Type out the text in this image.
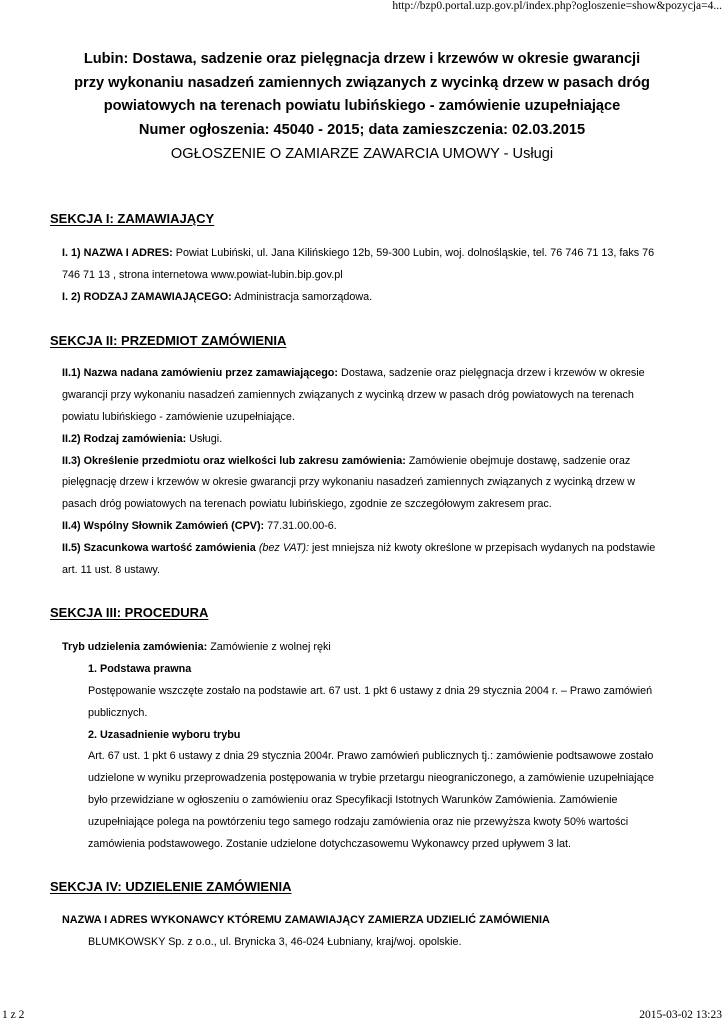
http://bzp0.portal.uzp.gov.pl/index.php?ogloszenie=show&pozycja=4...
Lubin: Dostawa, sadzenie oraz pielęgnacja drzew i krzewów w okresie gwarancji
przy wykonaniu nasadzeń zamiennych związanych z wycinką drzew w pasach dróg
powiatowych na terenach powiatu lubińskiego - zamówienie uzupełniające
Numer ogłoszenia: 45040 - 2015; data zamieszczenia: 02.03.2015
OGŁOSZENIE O ZAMIARZE ZAWARCIA UMOWY - Usługi
SEKCJA I: ZAMAWIAJĄCY
I. 1) NAZWA I ADRES: Powiat Lubiński, ul. Jana Kilińskiego 12b, 59-300 Lubin, woj. dolnośląskie, tel. 76 746 71 13, faks 76
746 71 13 , strona internetowa www.powiat-lubin.bip.gov.pl
I. 2) RODZAJ ZAMAWIAJĄCEGO: Administracja samorządowa.
SEKCJA II: PRZEDMIOT ZAMÓWIENIA
II.1) Nazwa nadana zamówieniu przez zamawiającego: Dostawa, sadzenie oraz pielęgnacja drzew i krzewów w okresie
gwarancji przy wykonaniu nasadzeń zamiennych związanych z wycinką drzew w pasach dróg powiatowych na terenach
powiatu lubińskiego - zamówienie uzupełniające.
II.2) Rodzaj zamówienia: Usługi.
II.3) Określenie przedmiotu oraz wielkości lub zakresu zamówienia: Zamówienie obejmuje dostawę, sadzenie oraz
pielęgnację drzew i krzewów w okresie gwarancji przy wykonaniu nasadzeń zamiennych związanych z wycinką drzew w
pasach dróg powiatowych na terenach powiatu lubińskiego, zgodnie ze szczegółowym zakresem prac.
II.4) Wspólny Słownik Zamówień (CPV): 77.31.00.00-6.
II.5) Szacunkowa wartość zamówienia (bez VAT): jest mniejsza niż kwoty określone w przepisach wydanych na podstawie
art. 11 ust. 8 ustawy.
SEKCJA III: PROCEDURA
Tryb udzielenia zamówienia: Zamówienie z wolnej ręki
1. Podstawa prawna
Postępowanie wszczęte zostało na podstawie art. 67 ust. 1 pkt 6 ustawy z dnia 29 stycznia 2004 r. – Prawo zamówień
publicznych.
2. Uzasadnienie wyboru trybu
Art. 67 ust. 1 pkt 6 ustawy z dnia 29 stycznia 2004r. Prawo zamówień publicznych tj.: zamówienie podtsawowe zostało
udzielone w wyniku przeprowadzenia postępowania w trybie przetargu nieograniczonego, a zamówienie uzupełniające
było przewidziane w ogłoszeniu o zamówieniu oraz Specyfikacji Istotnych Warunków Zamówienia. Zamówienie
uzupełniające polega na powtórzeniu tego samego rodzaju zamówienia oraz nie przewyższa kwoty 50% wartości
zamówienia podstawowego. Zostanie udzielone dotychczasowemu Wykonawcy przed upływem 3 lat.
SEKCJA IV: UDZIELENIE ZAMÓWIENIA
NAZWA I ADRES WYKONAWCY KTÓREMU ZAMAWIAJĄCY ZAMIERZA UDZIELIĆ ZAMÓWIENIA
BLUMKOWSKY Sp. z o.o., ul. Brynicka 3, 46-024 Łubniany, kraj/woj. opolskie.
1 z 2	2015-03-02 13:23
